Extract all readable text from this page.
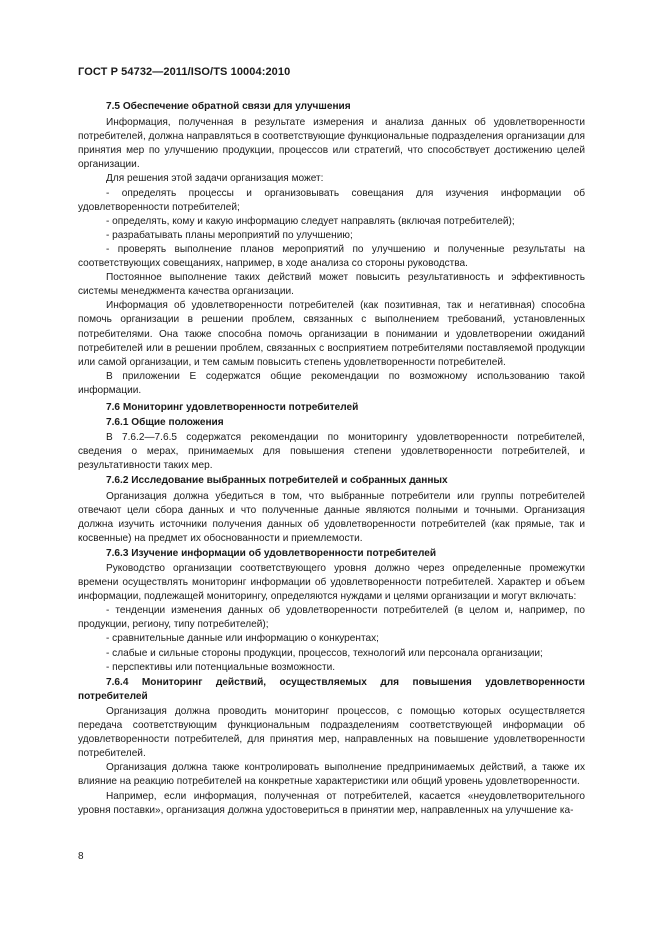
ГОСТ Р 54732—2011/ISO/TS 10004:2010

7.5 Обеспечение обратной связи для улучшения

Информация, полученная в результате измерения и анализа данных об удовлетворенности потребителей, должна направляться в соответствующие функциональные подразделения организации для принятия мер по улучшению продукции, процессов или стратегий, что способствует достижению целей организации.

Для решения этой задачи организация может:

- определять процессы и организовывать совещания для изучения информации об удовлетворенности потребителей;

- определять, кому и какую информацию следует направлять (включая потребителей);

- разрабатывать планы мероприятий по улучшению;

- проверять выполнение планов мероприятий по улучшению и полученные результаты на соответствующих совещаниях, например, в ходе анализа со стороны руководства.

Постоянное выполнение таких действий может повысить результативность и эффективность системы менеджмента качества организации.

Информация об удовлетворенности потребителей (как позитивная, так и негативная) способна помочь организации в решении проблем, связанных с выполнением требований, установленных потребителями. Она также способна помочь организации в понимании и удовлетворении ожиданий потребителей или в решении проблем, связанных с восприятием потребителями поставляемой продукции или самой организации, и тем самым повысить степень удовлетворенности потребителей.

В приложении Е содержатся общие рекомендации по возможному использованию такой информации.

7.6 Мониторинг удовлетворенности потребителей

7.6.1 Общие положения

В 7.6.2—7.6.5 содержатся рекомендации по мониторингу удовлетворенности потребителей, сведения о мерах, принимаемых для повышения степени удовлетворенности потребителей, и результативности таких мер.

7.6.2 Исследование выбранных потребителей и собранных данных

Организация должна убедиться в том, что выбранные потребители или группы потребителей отвечают цели сбора данных и что полученные данные являются полными и точными. Организация должна изучить источники получения данных об удовлетворенности потребителей (как прямые, так и косвенные) на предмет их обоснованности и приемлемости.

7.6.3 Изучение информации об удовлетворенности потребителей

Руководство организации соответствующего уровня должно через определенные промежутки времени осуществлять мониторинг информации об удовлетворенности потребителей. Характер и объем информации, подлежащей мониторингу, определяются нуждами и целями организации и могут включать:

- тенденции изменения данных об удовлетворенности потребителей (в целом и, например, по продукции, региону, типу потребителей);

- сравнительные данные или информацию о конкурентах;

- слабые и сильные стороны продукции, процессов, технологий или персонала организации;

- перспективы или потенциальные возможности.

7.6.4 Мониторинг действий, осуществляемых для повышения удовлетворенности потребителей

Организация должна проводить мониторинг процессов, с помощью которых осуществляется передача соответствующим функциональным подразделениям соответствующей информации об удовлетворенности потребителей, для принятия мер, направленных на повышение удовлетворенности потребителей.

Организация должна также контролировать выполнение предпринимаемых действий, а также их влияние на реакцию потребителей на конкретные характеристики или общий уровень удовлетворенности.

Например, если информация, полученная от потребителей, касается «неудовлетворительного уровня поставки», организация должна удостовериться в принятии мер, направленных на улучшение ка-

8
